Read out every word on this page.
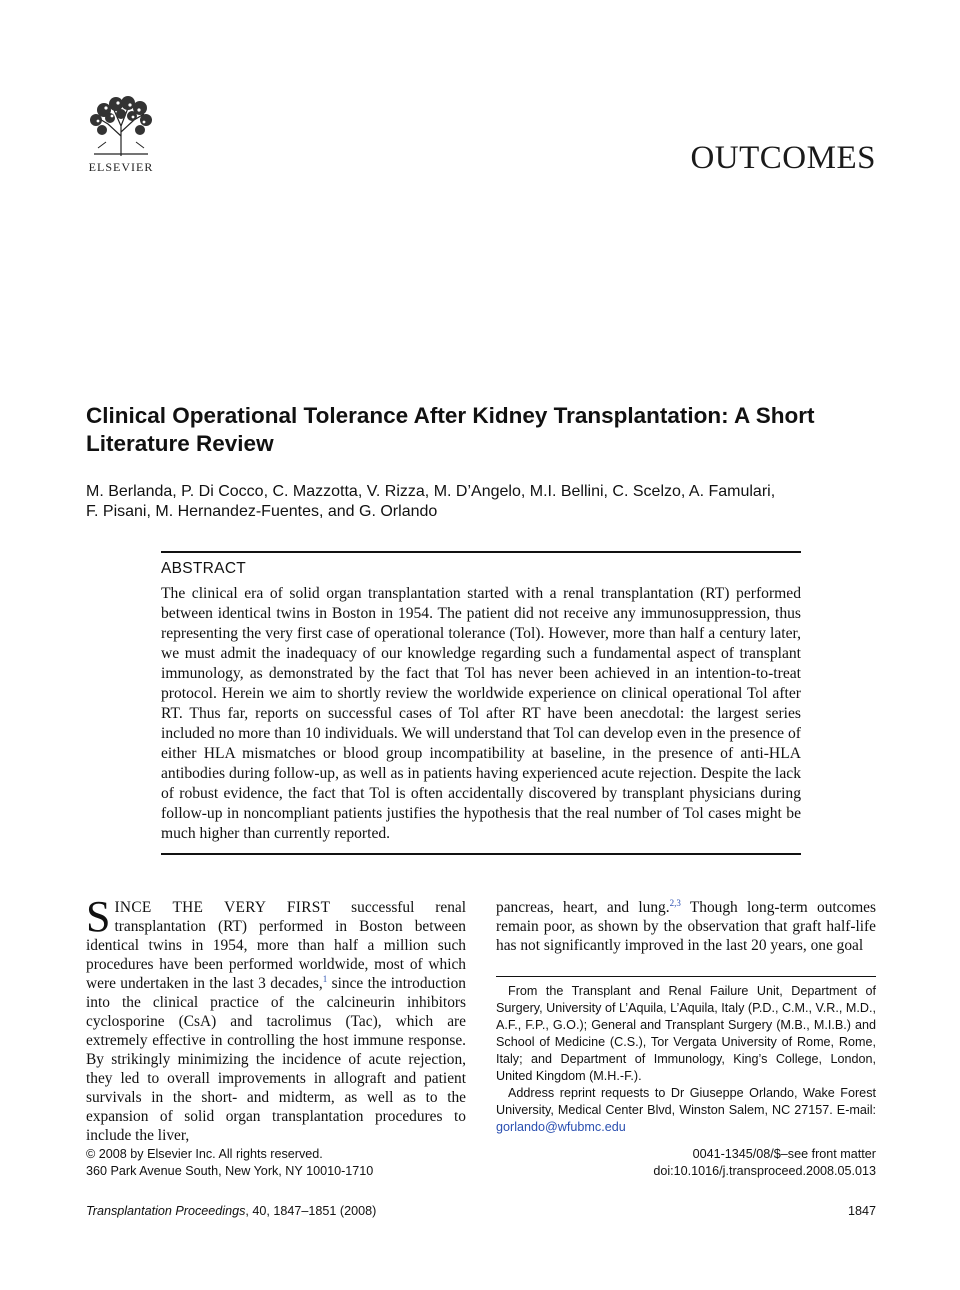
ELSEVIER	OUTCOMES
Clinical Operational Tolerance After Kidney Transplantation: A Short Literature Review
M. Berlanda, P. Di Cocco, C. Mazzotta, V. Rizza, M. D’Angelo, M.I. Bellini, C. Scelzo, A. Famulari,
F. Pisani, M. Hernandez-Fuentes, and G. Orlando
ABSTRACT

The clinical era of solid organ transplantation started with a renal transplantation (RT) performed between identical twins in Boston in 1954. The patient did not receive any immunosuppression, thus representing the very first case of operational tolerance (Tol). However, more than half a century later, we must admit the inadequacy of our knowledge regarding such a fundamental aspect of transplant immunology, as demonstrated by the fact that Tol has never been achieved in an intention-to-treat protocol. Herein we aim to shortly review the worldwide experience on clinical operational Tol after RT. Thus far, reports on successful cases of Tol after RT have been anecdotal: the largest series included no more than 10 individuals. We will understand that Tol can develop even in the presence of either HLA mismatches or blood group incompatibility at baseline, in the presence of anti-HLA antibodies during follow-up, as well as in patients having experienced acute rejection. Despite the lack of robust evidence, the fact that Tol is often accidentally discovered by transplant physicians during follow-up in noncompliant patients justifies the hypothesis that the real number of Tol cases might be much higher than currently reported.

SINCE THE VERY FIRST successful renal transplantation (RT) performed in Boston between identical twins in 1954, more than half a million such procedures have been performed worldwide, most of which were undertaken in the last 3 decades,$^1$ since the introduction into the clinical practice of the calcineurin inhibitors cyclosporine (CsA) and tacrolimus (Tac), which are extremely effective in controlling the host immune response. By strikingly minimizing the incidence of acute rejection, they led to overall improvements in allograft and patient survivals in the short- and midterm, as well as to the expansion of solid organ transplantation procedures to include the liver,
pancreas, heart, and lung.$^{2,3}$ Though long-term outcomes remain poor, as shown by the observation that graft half-life has not significantly improved in the last 20 years, one goal

From the Transplant and Renal Failure Unit, Department of Surgery, University of L’Aquila, L’Aquila, Italy (P.D., C.M., V.R., M.D., A.F., F.P., G.O.); General and Transplant Surgery (M.B., M.I.B.) and School of Medicine (C.S.), Tor Vergata University of Rome, Rome, Italy; and Department of Immunology, King’s College, London, United Kingdom (M.H.-F.).

Address reprint requests to Dr Giuseppe Orlando, Wake Forest University, Medical Center Blvd, Winston Salem, NC 27157. E-mail: gorlando@wfubmc.edu

© 2008 by Elsevier Inc. All rights reserved.
360 Park Avenue South, New York, NY 10010-1710
0041-1345/08/$–see front matter
doi:10.1016/j.transproceed.2008.05.013
Transplantation Proceedings, 40, 1847–1851 (2008)	1847
